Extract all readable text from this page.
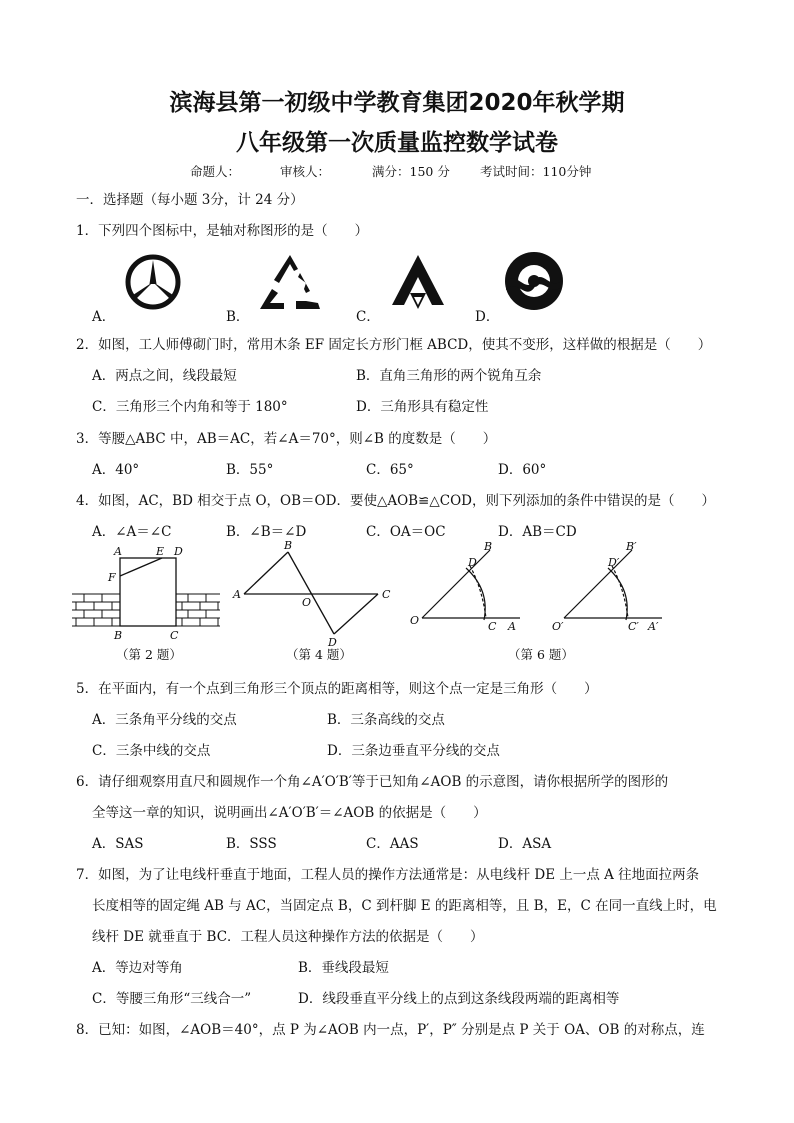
滨海县第一初级中学教育集团2020年秋学期
八年级第一次质量监控数学试卷
命题人：	审核人：	满分：150 分 考试时间：110分钟
一．选择题（每小题 3分，计 24 分）
1．下列四个图标中，是轴对称图形的是（　　）
A．	B．	C．	D．
2．如图，工人师傅砌门时，常用木条 EF 固定长方形门框 ABCD，使其不变形，这样做的根据是（　　）
A．两点之间，线段最短	B．直角三角形的两个锐角互余
C．三角形三个内角和等于 180°	D．三角形具有稳定性
3．等腰△ABC 中，AB＝AC，若∠A＝70°，则∠B 的度数是（　　）
A．40°	B．55°	C．65°	D．60°
4．如图，AC，BD 相交于点 O，OB＝OD．要使△AOB≌△COD，则下列添加的条件中错误的是（　　）
A．∠A＝∠C	B．∠B＝∠D	C．OA＝OC	D．AB＝CD
A	E D
F
B	C
（第 2 题）
B
A
O
C
D
（第 4 题）
B
D
O	C A
B′
D′
O′	C′ A′
（第 6 题）
5．在平面内，有一个点到三角形三个顶点的距离相等，则这个点一定是三角形（　　）
A．三条角平分线的交点	B．三条高线的交点
C．三条中线的交点	D．三条边垂直平分线的交点
6．请仔细观察用直尺和圆规作一个角∠A′O′B′等于已知角∠AOB 的示意图，请你根据所学的图形的
全等这一章的知识，说明画出∠A′O′B′＝∠AOB 的依据是（　　）
A．SAS	B．SSS	C．AAS	D．ASA
7．如图，为了让电线杆垂直于地面，工程人员的操作方法通常是：从电线杆 DE 上一点 A 往地面拉两条
长度相等的固定绳 AB 与 AC，当固定点 B，C 到杆脚 E 的距离相等，且 B，E，C 在同一直线上时，电
线杆 DE 就垂直于 BC．工程人员这种操作方法的依据是（　　）
A．等边对等角	B．垂线段最短
C．等腰三角形“三线合一”	D．线段垂直平分线上的点到这条线段两端的距离相等
8．已知：如图，∠AOB＝40°，点 P 为∠AOB 内一点，P′，P″ 分别是点 P 关于 OA、OB 的对称点，连
